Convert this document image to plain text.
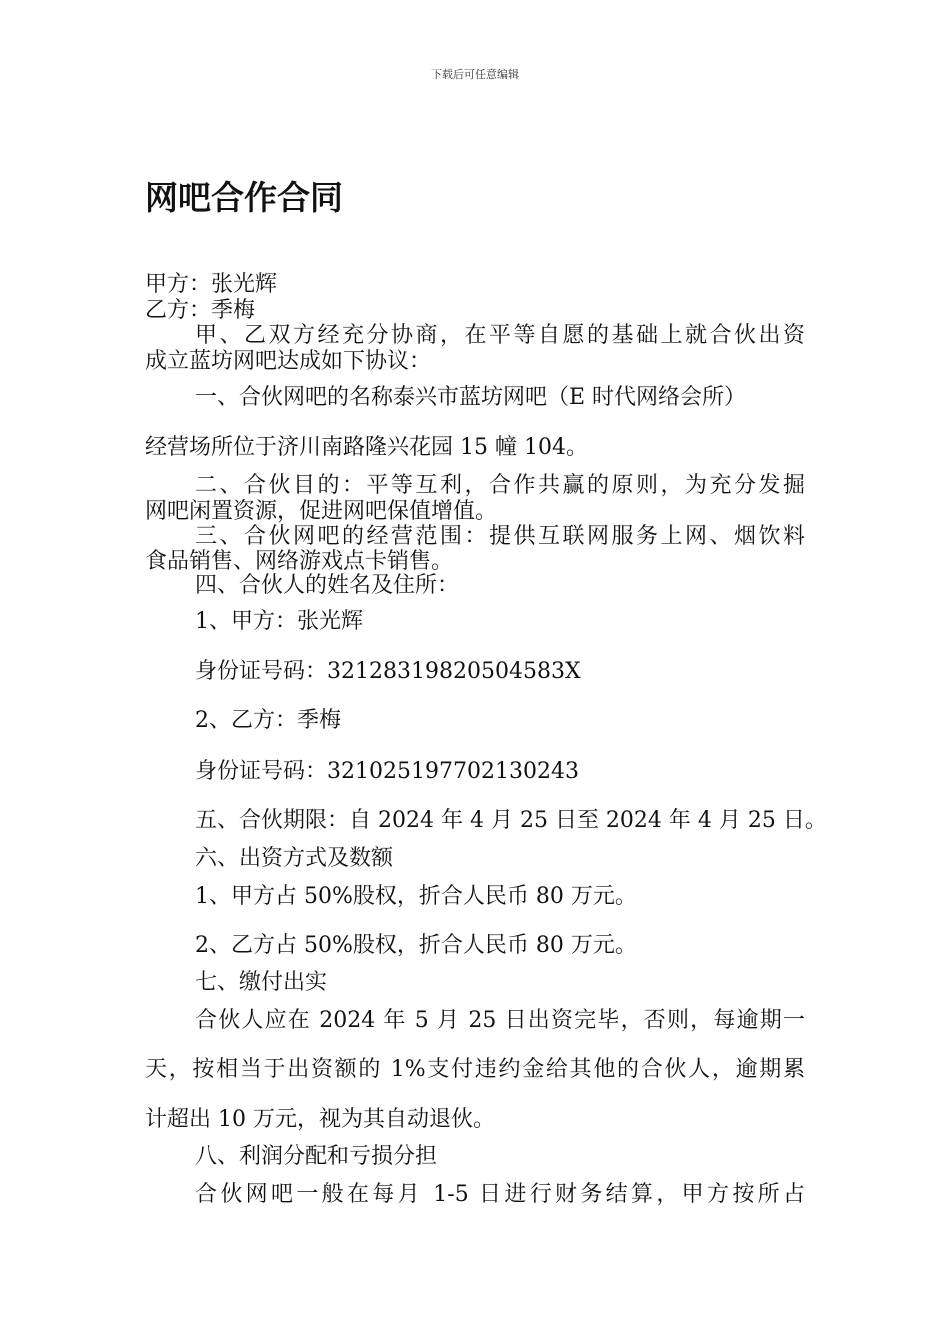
下载后可任意编辑
网吧合作合同

甲方：张光辉

乙方：季梅

甲、乙双方经充分协商，在平等自愿的基础上就合伙出资

成立蓝坊网吧达成如下协议：

一、合伙网吧的名称泰兴市蓝坊网吧（E 时代网络会所）

经营场所位于济川南路隆兴花园 15 幢 104。

二、合伙目的：平等互利，合作共赢的原则，为充分发掘

网吧闲置资源，促进网吧保值增值。

三、合伙网吧的经营范围：提供互联网服务上网、烟饮料

食品销售、网络游戏点卡销售。

四、合伙人的姓名及住所：

1、甲方：张光辉

身份证号码：32128319820504583X

2、乙方：季梅

身份证号码：321025197702130243

五、合伙期限：自 2024 年 4 月 25 日至 2024 年 4 月 25 日。

六、出资方式及数额

1、甲方占 50%股权，折合人民币 80 万元。

2、乙方占 50%股权，折合人民币 80 万元。

七、缴付出实

合伙人应在 2024 年 5 月 25 日出资完毕，否则，每逾期一

天，按相当于出资额的 1%支付违约金给其他的合伙人，逾期累

计超出 10 万元，视为其自动退伙。

八、利润分配和亏损分担

合伙网吧一般在每月 1-5 日进行财务结算，甲方按所占
